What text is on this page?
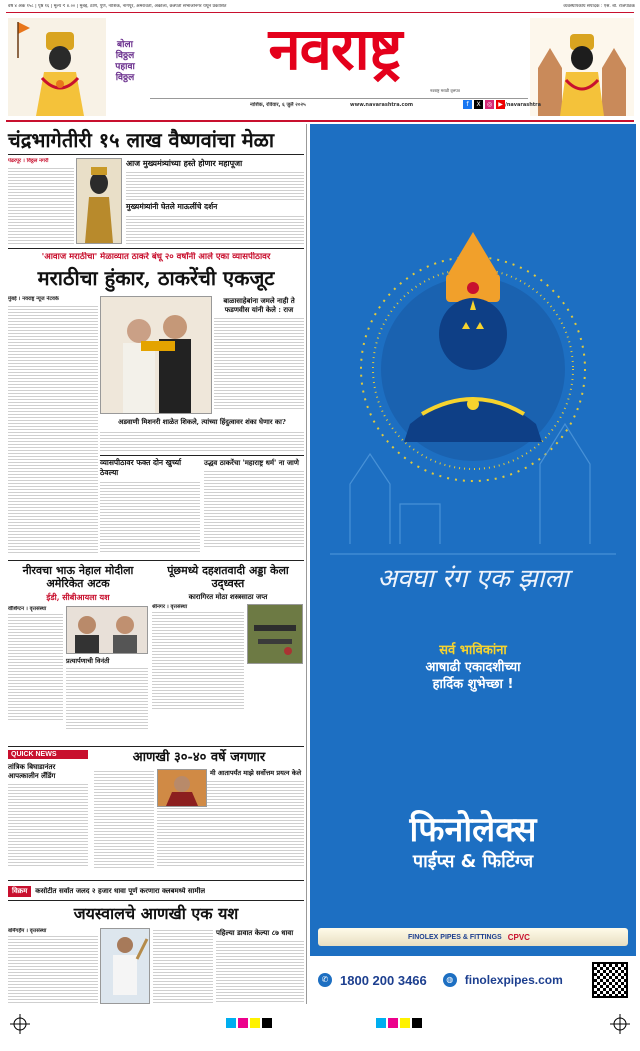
वर्ष ४ अंक १५८ | पृष्ठ १६ | मूल्य ₹ ४.०० | मुंबई, ठाणे, पुणे, नाशिक, नागपूर, अमरावती, अकोला, छत्रपती संभाजीनगर येथून प्रकाशित	व्यवस्थापकीय संपादक : एस. बी. राजपाठक
बोला
विठ्ठल
पहावा
विठ्ठल	नवराष्ट्र
नवराष्ट्र मराठी वृत्तपत्र
नाशिक, रविवार, ६ जुलै २०२५	www.navarashtra.com	f	X	◎	▶ /navarashtra
चंद्रभागेतीरी १५ लाख वैष्णवांचा मेळा
पंढरपूर । विठ्ठल नगरी	आज मुख्यमंत्र्यांच्या हस्ते होणार महापूजा
मुख्यमंत्र्यांनी घेतले माऊलींचे दर्शन
'आवाज मराठीचा' मेळाव्यात ठाकरे बंधू २० वर्षांनी आले एका व्यासपीठावर
मराठीचा हुंकार, ठाकरेंची एकजूट
मुंबई । नवराष्ट्र न्यूज नेटवर्क	बाळासाहेबांना जमले नाही ते फडणवीस यांनी केले : राज
अडवाणी मिशनरी शाळेत शिकले, त्यांच्या हिंदुत्वावर शंका घेणार का?
व्यासपीठावर फक्त दोन खुर्च्या ठेवल्या
उद्धव ठाकरेंचा 'महाराष्ट्र धर्म' ना जाणे
नीरवचा भाऊ नेहाल मोदीला अमेरिकेत अटक
ईडी, सीबीआयला यश
वॉशिंग्टन । वृत्तसंस्था
प्रत्यार्पणाची विनंती
पूंछमध्ये दहशतवादी अड्डा केला उद्ध्वस्त
कारागिरत मोठा शस्त्रसाठा जप्त
श्रीनगर । वृत्तसंस्था
QUICK NEWS
तांत्रिक बिघाडानंतर आपत्कालीन लॅंडिंग
आणखी ३०-४० वर्षे जगणार
मी आतापर्यंत माझे सर्वोत्तम प्रयत्न केले
विक्रम	कसोटीत सर्वात जलद २ हजार धावा पूर्ण करणारा क्लबमध्ये सामील
जयस्वालचे आणखी एक यश
बर्मिंगहॅम । वृत्तसंस्था	पहिल्या डावात केल्या ८७ धावा
अवघा रंग एक झाला
सर्व भाविकांना
आषाढी एकादशीच्या
हार्दिक शुभेच्छा !
फिनोलेक्स
पाईप्स & फिटिंग्ज
FINOLEX PIPES & FITTINGS CPVC
✆ 1800 200 3466	◍ finolexpipes.com
